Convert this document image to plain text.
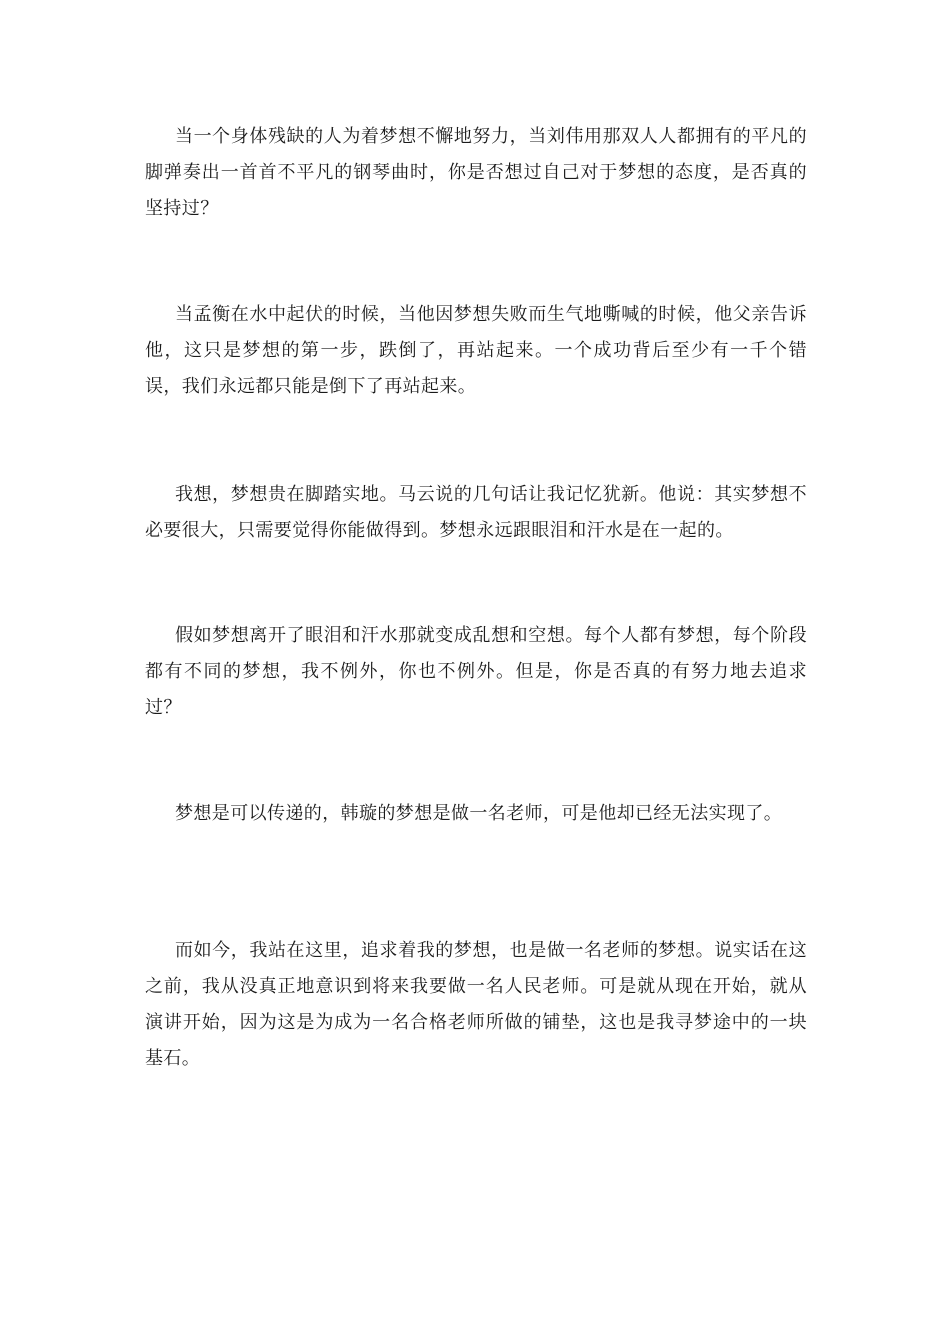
当一个身体残缺的人为着梦想不懈地努力，当刘伟用那双人人都拥有的平凡的脚弹奏出一首首不平凡的钢琴曲时，你是否想过自己对于梦想的态度，是否真的坚持过？

当孟衡在水中起伏的时候，当他因梦想失败而生气地嘶喊的时候，他父亲告诉他，这只是梦想的第一步，跌倒了，再站起来。一个成功背后至少有一千个错误，我们永远都只能是倒下了再站起来。

我想，梦想贵在脚踏实地。马云说的几句话让我记忆犹新。他说：其实梦想不必要很大，只需要觉得你能做得到。梦想永远跟眼泪和汗水是在一起的。

假如梦想离开了眼泪和汗水那就变成乱想和空想。每个人都有梦想，每个阶段都有不同的梦想，我不例外，你也不例外。但是，你是否真的有努力地去追求过？

梦想是可以传递的，韩璇的梦想是做一名老师，可是他却已经无法实现了。

而如今，我站在这里，追求着我的梦想，也是做一名老师的梦想。说实话在这之前，我从没真正地意识到将来我要做一名人民老师。可是就从现在开始，就从演讲开始，因为这是为成为一名合格老师所做的铺垫，这也是我寻梦途中的一块基石。
